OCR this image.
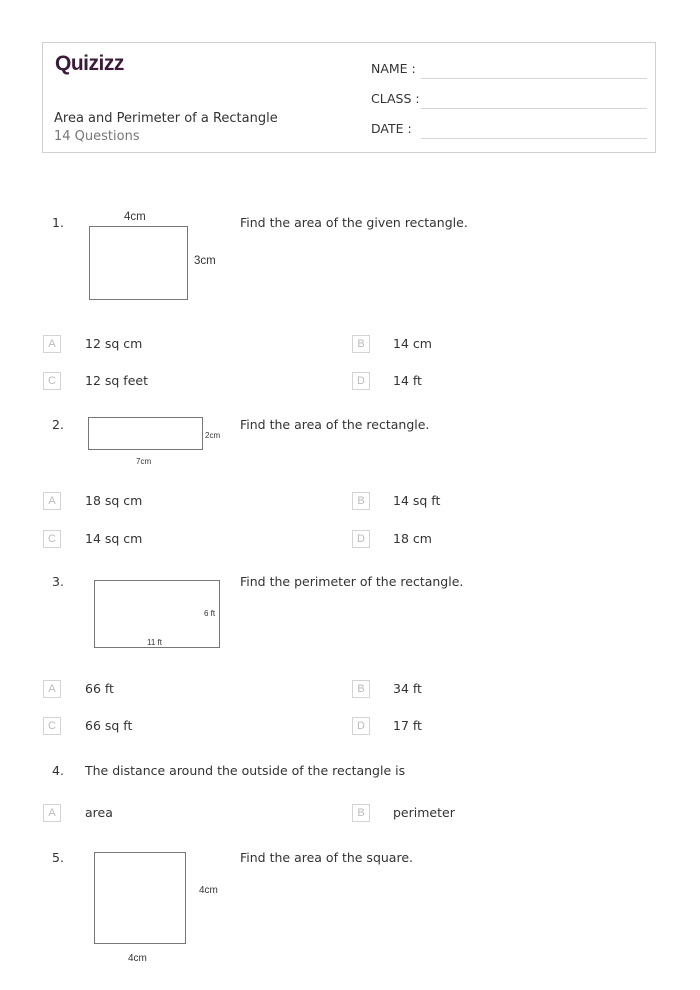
Quizizz
Area and Perimeter of a Rectangle
14 Questions
NAME :
CLASS :
DATE :
1.	4cm
3cm
Find the area of the given rectangle.
A	12 sq cm	B	14 cm
C	12 sq feet	D	14 ft
2.
2cm
7cm
Find the area of the rectangle.
A	18 sq cm	B	14 sq ft
C	14 sq cm	D	18 cm
3.
6 ft
11 ft
Find the perimeter of the rectangle.
A	66 ft	B	34 ft
C	66 sq ft	D	17 ft
4. The distance around the outside of the rectangle is
A	area	B	perimeter
5.
4cm
4cm
Find the area of the square.
